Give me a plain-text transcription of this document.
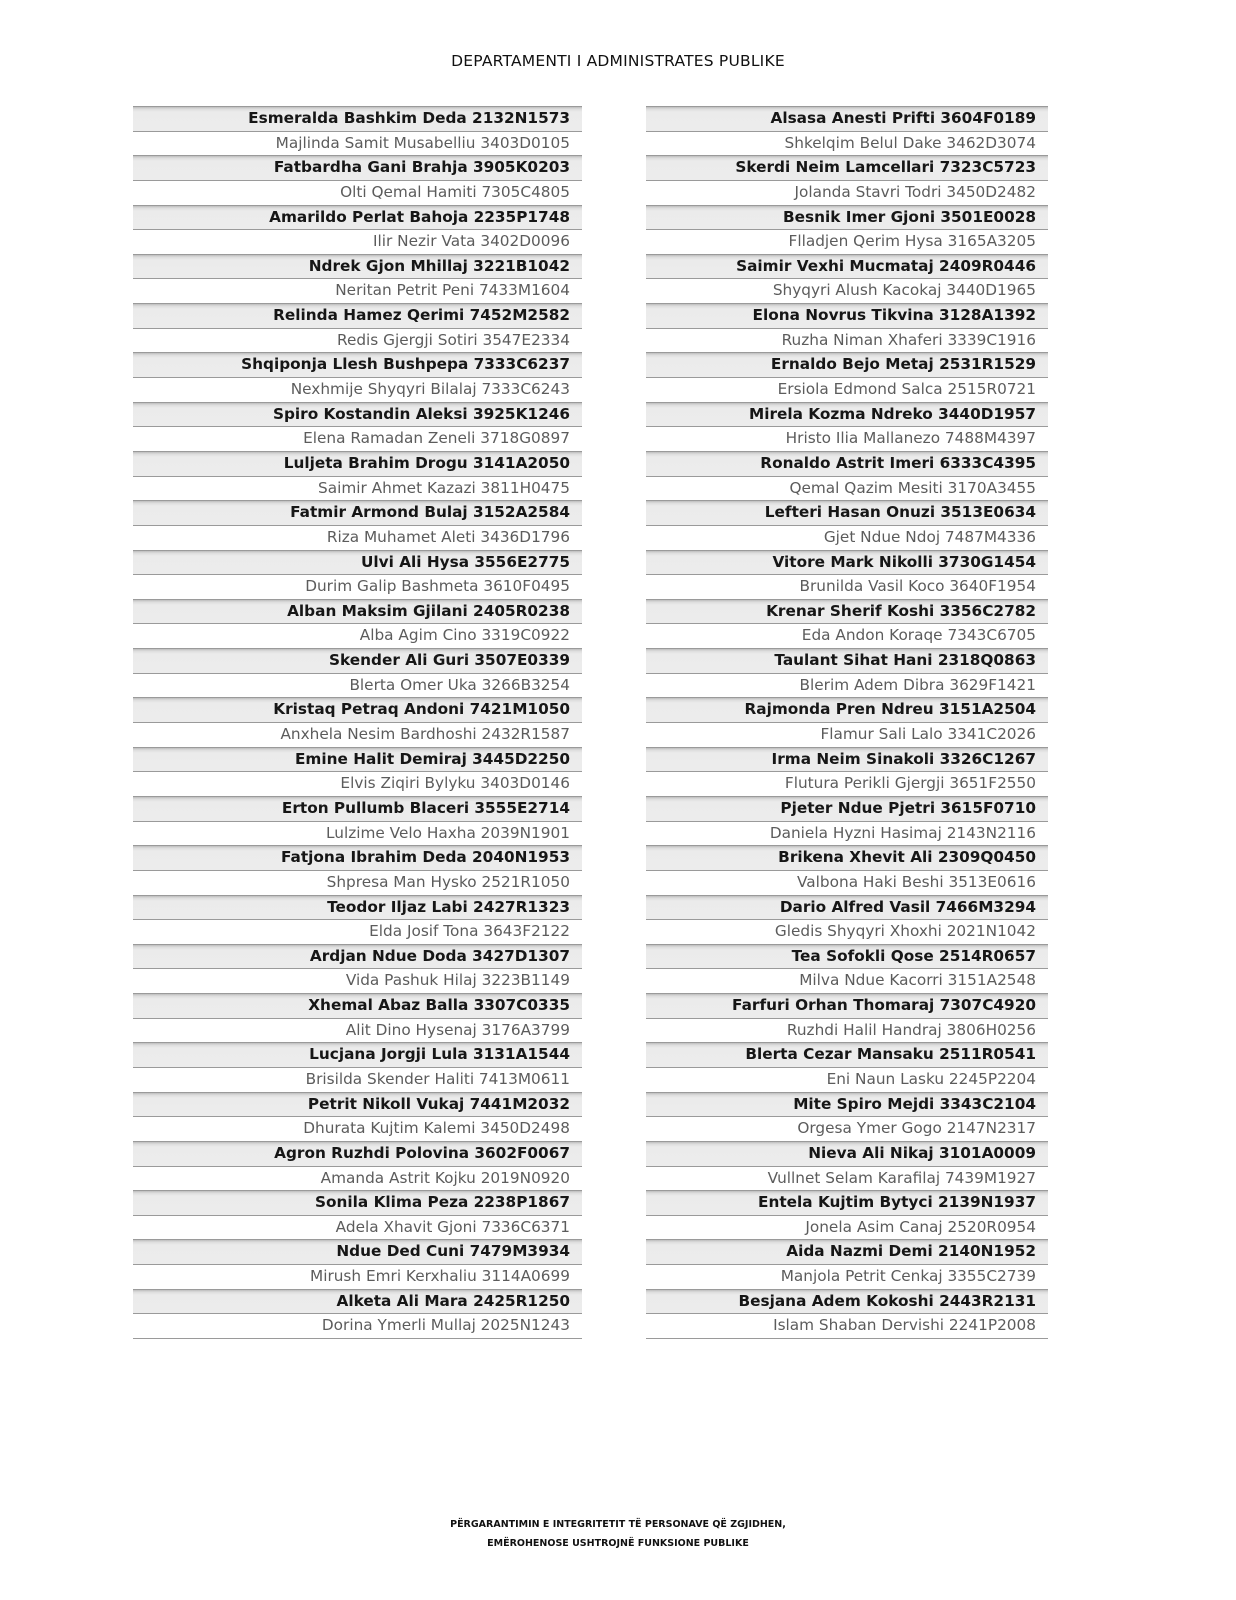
DEPARTAMENTI I ADMINISTRATES PUBLIKE
Esmeralda Bashkim Deda 2132N1573
Majlinda Samit Musabelliu 3403D0105
Fatbardha Gani Brahja 3905K0203
Olti Qemal Hamiti 7305C4805
Amarildo Perlat Bahoja 2235P1748
Ilir Nezir Vata 3402D0096
Ndrek Gjon Mhillaj 3221B1042
Neritan Petrit Peni 7433M1604
Relinda Hamez Qerimi 7452M2582
Redis Gjergji Sotiri 3547E2334
Shqiponja Llesh Bushpepa 7333C6237
Nexhmije Shyqyri Bilalaj 7333C6243
Spiro Kostandin Aleksi 3925K1246
Elena Ramadan Zeneli 3718G0897
Luljeta Brahim Drogu 3141A2050
Saimir Ahmet Kazazi 3811H0475
Fatmir Armond Bulaj 3152A2584
Riza Muhamet Aleti 3436D1796
Ulvi Ali Hysa 3556E2775
Durim Galip Bashmeta 3610F0495
Alban Maksim Gjilani 2405R0238
Alba Agim Cino 3319C0922
Skender Ali Guri 3507E0339
Blerta Omer Uka 3266B3254
Kristaq Petraq Andoni 7421M1050
Anxhela Nesim Bardhoshi 2432R1587
Emine Halit Demiraj 3445D2250
Elvis Ziqiri Bylyku 3403D0146
Erton Pullumb Blaceri 3555E2714
Lulzime Velo Haxha 2039N1901
Fatjona Ibrahim Deda 2040N1953
Shpresa Man Hysko 2521R1050
Teodor Iljaz Labi 2427R1323
Elda Josif Tona 3643F2122
Ardjan Ndue Doda 3427D1307
Vida Pashuk Hilaj 3223B1149
Xhemal Abaz Balla 3307C0335
Alit Dino Hysenaj 3176A3799
Lucjana Jorgji Lula 3131A1544
Brisilda Skender Haliti 7413M0611
Petrit Nikoll Vukaj 7441M2032
Dhurata Kujtim Kalemi 3450D2498
Agron Ruzhdi Polovina 3602F0067
Amanda Astrit Kojku 2019N0920
Sonila Klima Peza 2238P1867
Adela Xhavit Gjoni 7336C6371
Ndue Ded Cuni 7479M3934
Mirush Emri Kerxhaliu 3114A0699
Alketa Ali Mara 2425R1250
Dorina Ymerli Mullaj 2025N1243
Alsasa Anesti Prifti 3604F0189
Shkelqim Belul Dake 3462D3074
Skerdi Neim Lamcellari 7323C5723
Jolanda Stavri Todri 3450D2482
Besnik Imer Gjoni 3501E0028
Flladjen Qerim Hysa 3165A3205
Saimir Vexhi Mucmataj 2409R0446
Shyqyri Alush Kacokaj 3440D1965
Elona Novrus Tikvina 3128A1392
Ruzha Niman Xhaferi 3339C1916
Ernaldo Bejo Metaj 2531R1529
Ersiola Edmond Salca 2515R0721
Mirela Kozma Ndreko 3440D1957
Hristo Ilia Mallanezo 7488M4397
Ronaldo Astrit Imeri 6333C4395
Qemal Qazim Mesiti 3170A3455
Lefteri Hasan Onuzi 3513E0634
Gjet Ndue Ndoj 7487M4336
Vitore Mark Nikolli 3730G1454
Brunilda Vasil Koco 3640F1954
Krenar Sherif Koshi 3356C2782
Eda Andon Koraqe 7343C6705
Taulant Sihat Hani 2318Q0863
Blerim Adem Dibra 3629F1421
Rajmonda Pren Ndreu 3151A2504
Flamur Sali Lalo 3341C2026
Irma Neim Sinakoli 3326C1267
Flutura Perikli Gjergji 3651F2550
Pjeter Ndue Pjetri 3615F0710
Daniela Hyzni Hasimaj 2143N2116
Brikena Xhevit Ali 2309Q0450
Valbona Haki Beshi 3513E0616
Dario Alfred Vasil 7466M3294
Gledis Shyqyri Xhoxhi 2021N1042
Tea Sofokli Qose 2514R0657
Milva Ndue Kacorri 3151A2548
Farfuri Orhan Thomaraj 7307C4920
Ruzhdi Halil Handraj 3806H0256
Blerta Cezar Mansaku 2511R0541
Eni Naun Lasku 2245P2204
Mite Spiro Mejdi 3343C2104
Orgesa Ymer Gogo 2147N2317
Nieva Ali Nikaj 3101A0009
Vullnet Selam Karafilaj 7439M1927
Entela Kujtim Bytyci 2139N1937
Jonela Asim Canaj 2520R0954
Aida Nazmi Demi 2140N1952
Manjola Petrit Cenkaj 3355C2739
Besjana Adem Kokoshi 2443R2131
Islam Shaban Dervishi 2241P2008
PËRGARANTIMIN E INTEGRITETIT TË PERSONAVE QË ZGJIDHEN,
EMËROHENOSE USHTROJNË FUNKSIONE PUBLIKE
